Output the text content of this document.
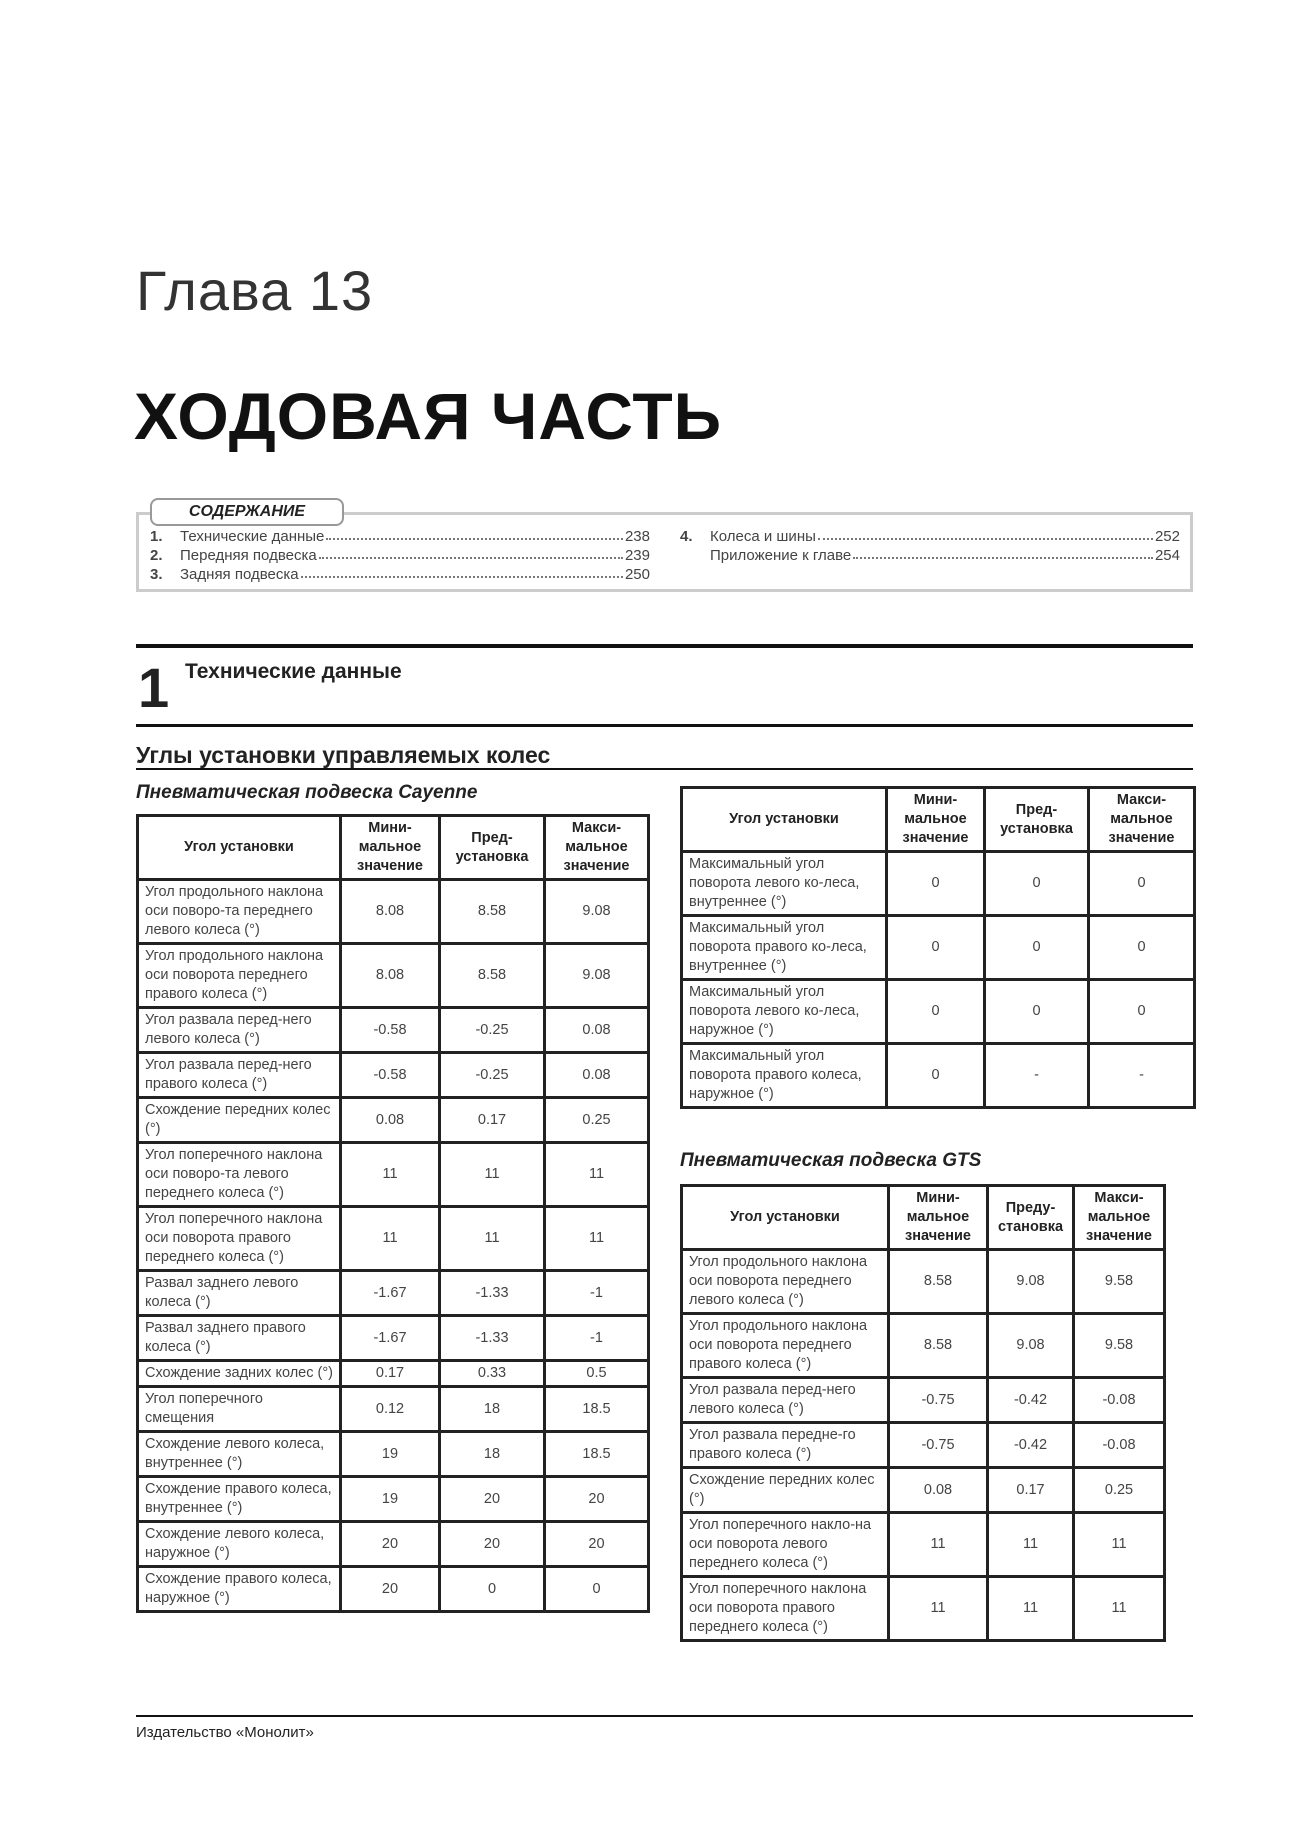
Глава 13
ХОДОВАЯ ЧАСТЬ
СОДЕРЖАНИЕ
1.	Технические данные	238
2.	Передняя подвеска	239
3.	Задняя подвеска	250
4.	Колеса и шины	252
Приложение к главе	254
1 Технические данные
Углы установки управляемых колес
Пневматическая подвеска Cayenne
Пневматическая подвеска GTS
Угол установки	Мини-мальное значение	Пред-установка	Макси-мальное значение
Угол продольного наклона оси поворо-та переднего левого колеса (°)	8.08	8.58	9.08
Угол продольного наклона оси поворота переднего правого колеса (°)	8.08	8.58	9.08
Угол развала перед-него левого колеса (°)	-0.58	-0.25	0.08
Угол развала перед-него правого колеса (°)	-0.58	-0.25	0.08
Схождение передних колес (°)	0.08	0.17	0.25
Угол поперечного наклона оси поворо-та левого переднего колеса (°)	11	11	11
Угол поперечного наклона оси поворота правого переднего колеса (°)	11	11	11
Развал заднего левого колеса (°)	-1.67	-1.33	-1
Развал заднего правого колеса (°)	-1.67	-1.33	-1
Схождение задних колес (°)	0.17	0.33	0.5
Угол поперечного смещения	0.12	18	18.5
Схождение левого колеса, внутреннее (°)	19	18	18.5
Схождение правого колеса, внутреннее (°)	19	20	20
Схождение левого колеса, наружное (°)	20	20	20
Схождение правого колеса, наружное (°)	20	0	0
Угол установки	Мини-мальное значение	Пред-установка	Макси-мальное значение
Максимальный угол поворота левого ко-леса, внутреннее (°)	0	0	0
Максимальный угол поворота правого ко-леса, внутреннее (°)	0	0	0
Максимальный угол поворота левого ко-леса, наружное (°)	0	0	0
Максимальный угол поворота правого колеса, наружное (°)	0	-	-
Угол установки	Мини-мальное значение	Преду-становка	Макси-мальное значение
Угол продольного наклона оси поворота переднего левого колеса (°)	8.58	9.08	9.58
Угол продольного наклона оси поворота переднего правого колеса (°)	8.58	9.08	9.58
Угол развала перед-него левого колеса (°)	-0.75	-0.42	-0.08
Угол развала передне-го правого колеса (°)	-0.75	-0.42	-0.08
Схождение передних колес (°)	0.08	0.17	0.25
Угол поперечного накло-на оси поворота левого переднего колеса (°)	11	11	11
Угол поперечного наклона оси поворота правого переднего колеса (°)	11	11	11
Издательство «Монолит»
